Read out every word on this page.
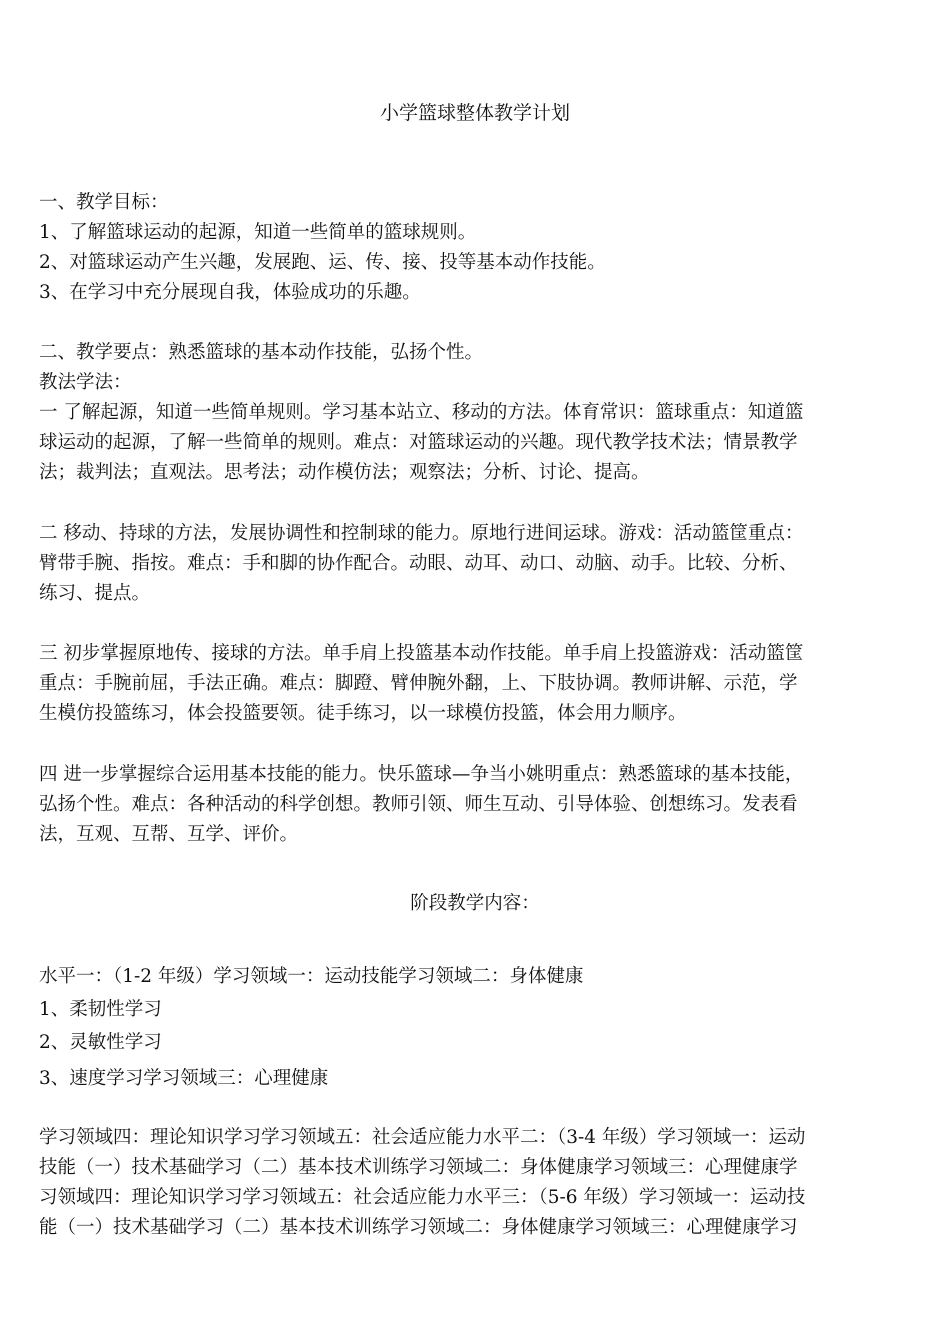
小学篮球整体教学计划
一、教学目标：
1、了解篮球运动的起源，知道一些简单的篮球规则。
2、对篮球运动产生兴趣，发展跑、运、传、接、投等基本动作技能。
3、在学习中充分展现自我，体验成功的乐趣。
二、教学要点：熟悉篮球的基本动作技能，弘扬个性。
教法学法：
一 了解起源，知道一些简单规则。学习基本站立、移动的方法。体育常识：篮球重点：知道篮
球运动的起源，了解一些简单的规则。难点：对篮球运动的兴趣。现代教学技术法；情景教学
法；裁判法；直观法。思考法；动作模仿法；观察法；分析、讨论、提高。
二 移动、持球的方法，发展协调性和控制球的能力。原地行进间运球。游戏：活动篮筐重点：
臂带手腕、指按。难点：手和脚的协作配合。动眼、动耳、动口、动脑、动手。比较、分析、
练习、提点。
三 初步掌握原地传、接球的方法。单手肩上投篮基本动作技能。单手肩上投篮游戏：活动篮筐
重点：手腕前屈，手法正确。难点：脚蹬、臂伸腕外翻，上、下肢协调。教师讲解、示范，学
生模仿投篮练习，体会投篮要领。徒手练习，以一球模仿投篮，体会用力顺序。
四 进一步掌握综合运用基本技能的能力。快乐篮球—争当小姚明重点：熟悉篮球的基本技能，
弘扬个性。难点：各种活动的科学创想。教师引领、师生互动、引导体验、创想练习。发表看
法，互观、互帮、互学、评价。
阶段教学内容：
水平一：（1-2 年级）学习领域一：运动技能学习领域二：身体健康
1、柔韧性学习
2、灵敏性学习
3、速度学习学习领域三：心理健康
学习领域四：理论知识学习学习领域五：社会适应能力水平二：（3-4 年级）学习领域一：运动
技能（一）技术基础学习（二）基本技术训练学习领域二：身体健康学习领域三：心理健康学
习领域四：理论知识学习学习领域五：社会适应能力水平三：（5-6 年级）学习领域一：运动技
能（一）技术基础学习（二）基本技术训练学习领域二：身体健康学习领域三：心理健康学习
